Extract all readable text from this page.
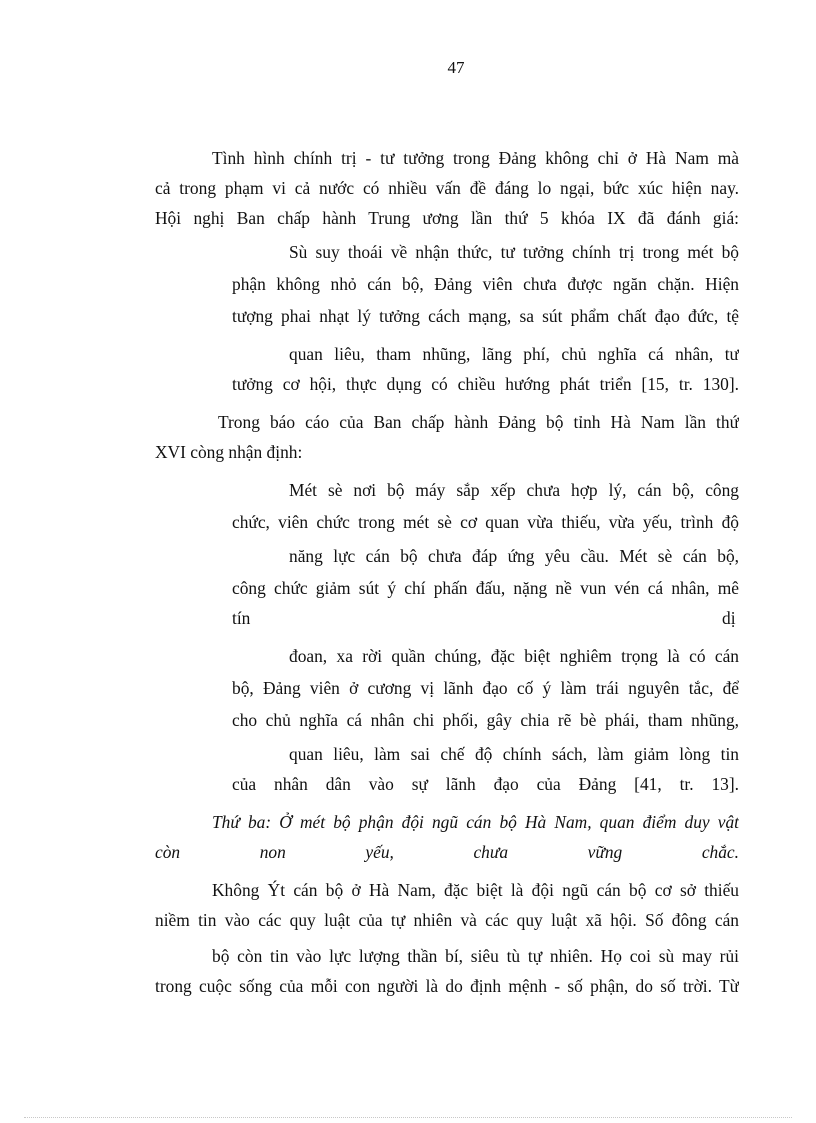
47
Tình hình chính trị - tư tưởng trong Đảng không chỉ ở Hà Nam mà
cả trong phạm vi cả nước có nhiều vấn đề đáng lo ngại, bức xúc hiện nay.
Hội nghị Ban chấp hành Trung ương lần thứ 5 khóa IX đã đánh giá:
Sù suy thoái về nhận thức, tư tưởng chính trị trong mét bộ
phận không nhỏ cán bộ, Đảng viên chưa được ngăn chặn. Hiện
tượng phai nhạt lý tưởng cách mạng, sa sút phẩm chất đạo đức, tệ
quan liêu, tham nhũng, lãng phí, chủ nghĩa cá nhân, tư
tưởng cơ hội, thực dụng có chiều hướng phát triển [15, tr. 130].
Trong báo cáo của Ban chấp hành Đảng bộ tỉnh Hà Nam lần thứ
XVI còng nhận định:
Mét sè nơi bộ máy sắp xếp chưa hợp lý, cán bộ, công
chức, viên chức trong mét sè cơ quan vừa thiếu, vừa yếu, trình độ
năng lực cán bộ chưa đáp ứng yêu cầu. Mét sè cán bộ,
công chức giảm sút ý chí phấn đấu, nặng nề vun vén cá nhân, mê
tín	dị
đoan, xa rời quần chúng, đặc biệt nghiêm trọng là có cán
bộ, Đảng viên ở cương vị lãnh đạo cố ý làm trái nguyên tắc, để
cho chủ nghĩa cá nhân chi phối, gây chia rẽ bè phái, tham nhũng,
quan liêu, làm sai chế độ chính sách, làm giảm lòng tin
của nhân dân vào sự lãnh đạo của Đảng [41, tr. 13].
Thứ ba: Ở mét bộ phận đội ngũ cán bộ Hà Nam, quan điểm duy vật
còn non yếu, chưa vững chắc.
Không Ýt cán bộ ở Hà Nam, đặc biệt là đội ngũ cán bộ cơ sở thiếu
niềm tin vào các quy luật của tự nhiên và các quy luật xã hội. Số đông cán
bộ còn tin vào lực lượng thần bí, siêu tù tự nhiên. Họ coi sù may rủi
trong cuộc sống của mỗi con người là do định mệnh - số phận, do số trời. Từ
